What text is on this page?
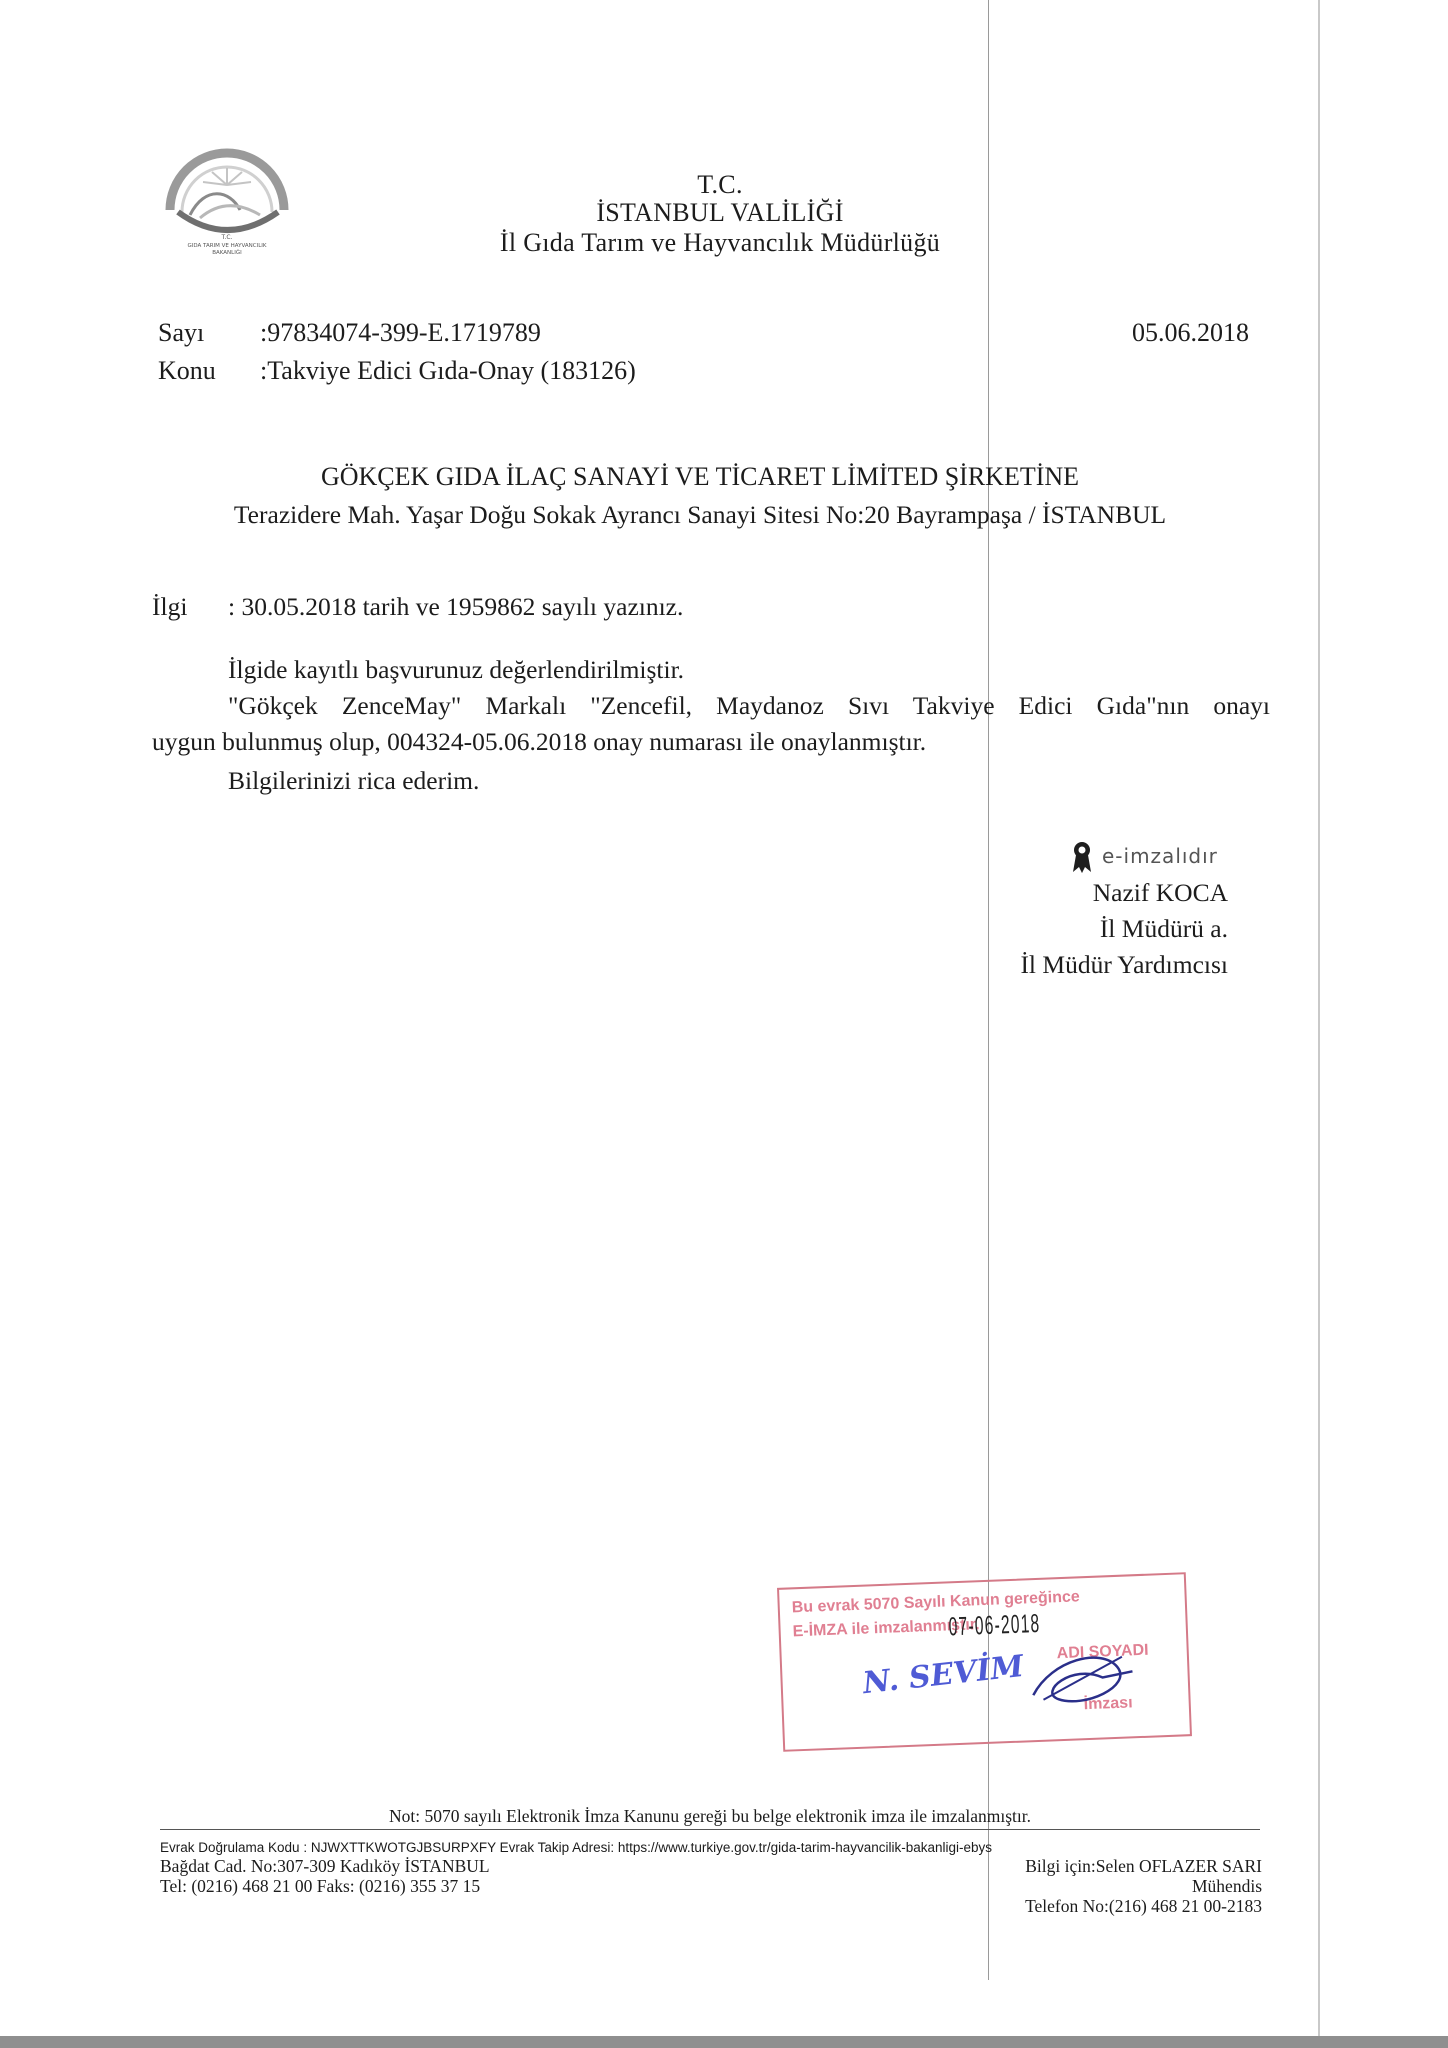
T.C.
GIDA TARIM VE HAYVANCILIK
BAKANLIĞI
T.C.
İSTANBUL VALİLİĞİ
İl Gıda Tarım ve Hayvancılık Müdürlüğü
Sayı :97834074-399-E.1719789
Konu :Takviye Edici Gıda-Onay (183126)
05.06.2018
GÖKÇEK GIDA İLAÇ SANAYİ VE TİCARET LİMİTED ŞİRKETİNE
Terazidere Mah. Yaşar Doğu Sokak Ayrancı Sanayi Sitesi No:20 Bayrampaşa / İSTANBUL
İlgi : 30.05.2018 tarih ve 1959862 sayılı yazınız.
İlgide kayıtlı başvurunuz değerlendirilmiştir.
"Gökçek ZenceMay" Markalı "Zencefil, Maydanoz Sıvı Takviye Edici Gıda"nın onayı
uygun bulunmuş olup, 004324-05.06.2018 onay numarası ile onaylanmıştır.
Bilgilerinizi rica ederim.
e-imzalıdır
Nazif KOCA
İl Müdürü a.
İl Müdür Yardımcısı
Bu evrak 5070 Sayılı Kanun gereğince
E-İMZA ile imzalanmıştır.
07-06-2018
ADI SOYADI
İmzası
N. SEVİM
Not: 5070 sayılı Elektronik İmza Kanunu gereği bu belge elektronik imza ile imzalanmıştır.
Evrak Doğrulama Kodu : NJWXTTKWOTGJBSURPXFY Evrak Takip Adresi: https://www.turkiye.gov.tr/gida-tarim-hayvancilik-bakanligi-ebys
Bağdat Cad. No:307-309 Kadıköy İSTANBUL
Tel: (0216) 468 21 00 Faks: (0216) 355 37 15
Bilgi için:Selen OFLAZER SARI
Mühendis
Telefon No:(216) 468 21 00-2183
